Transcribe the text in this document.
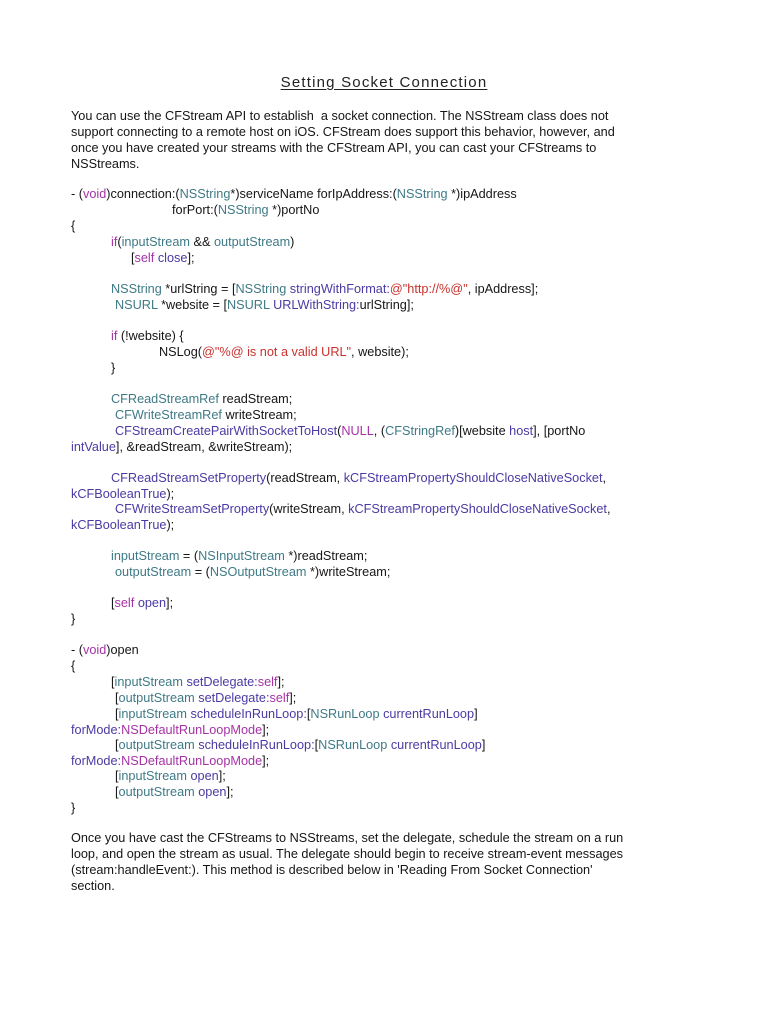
Setting Socket Connection
You can use the CFStream API to establish  a socket connection. The NSStream class does not
support connecting to a remote host on iOS. CFStream does support this behavior, however, and
once you have created your streams with the CFStream API, you can cast your CFStreams to
NSStreams.
- (void)connection:(NSString*)serviceName forIpAddress:(NSString *)ipAddress
forPort:(NSString *)portNo
{
if(inputStream && outputStream)
[self close];
NSString *urlString = [NSString stringWithFormat:@"http://%@", ipAddress];
NSURL *website = [NSURL URLWithString:urlString];
if (!website) {
NSLog(@"%@ is not a valid URL", website);
}
CFReadStreamRef readStream;
CFWriteStreamRef writeStream;
CFStreamCreatePairWithSocketToHost(NULL, (CFStringRef)[website host], [portNo
intValue], &readStream, &writeStream);
CFReadStreamSetProperty(readStream, kCFStreamPropertyShouldCloseNativeSocket,
kCFBooleanTrue);
CFWriteStreamSetProperty(writeStream, kCFStreamPropertyShouldCloseNativeSocket,
kCFBooleanTrue);
inputStream = (NSInputStream *)readStream;
outputStream = (NSOutputStream *)writeStream;
[self open];
}
- (void)open
{
[inputStream setDelegate:self];
[outputStream setDelegate:self];
[inputStream scheduleInRunLoop:[NSRunLoop currentRunLoop]
forMode:NSDefaultRunLoopMode];
[outputStream scheduleInRunLoop:[NSRunLoop currentRunLoop]
forMode:NSDefaultRunLoopMode];
[inputStream open];
[outputStream open];
}
Once you have cast the CFStreams to NSStreams, set the delegate, schedule the stream on a run
loop, and open the stream as usual. The delegate should begin to receive stream-event messages
(stream:handleEvent:). This method is described below in 'Reading From Socket Connection'
section.
